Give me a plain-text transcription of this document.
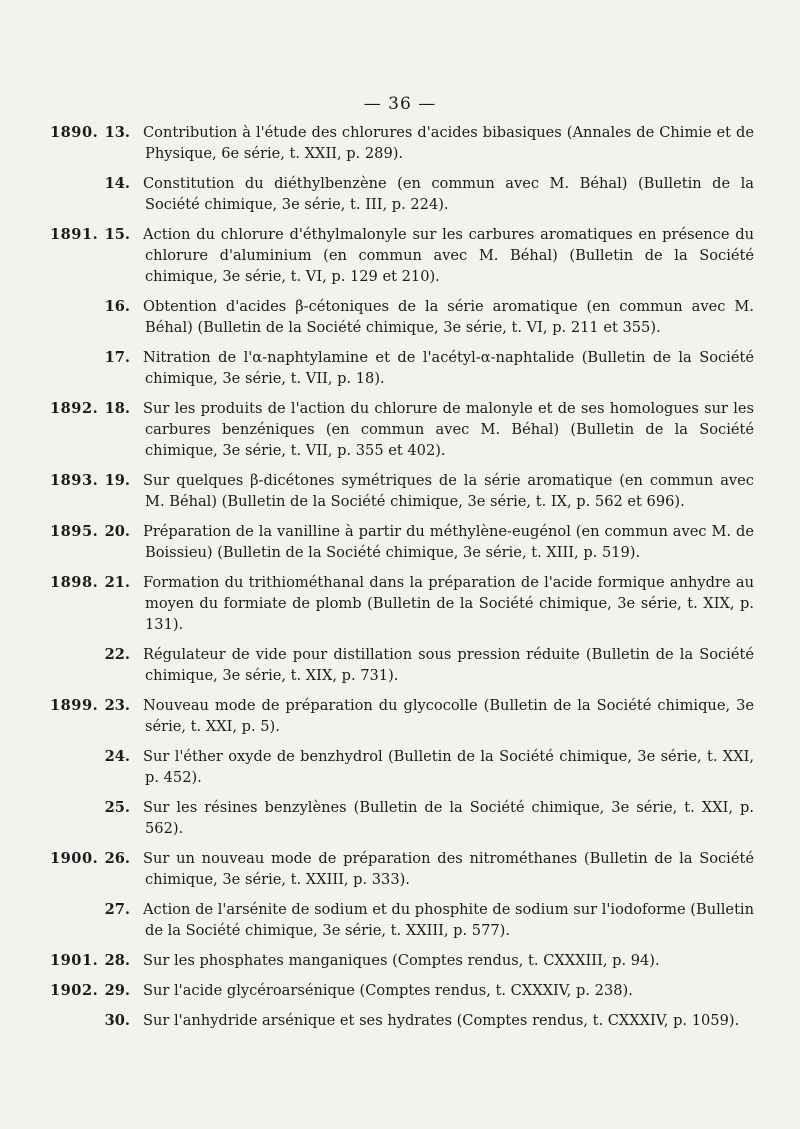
— 36 —
1890. 13. Contribution à l'étude des chlorures d'acides bibasiques (Annales de Chimie et de Physique, 6e série, t. XXII, p. 289).
14. Constitution du diéthylbenzène (en commun avec M. Béhal) (Bulletin de la Société chimique, 3e série, t. III, p. 224).
1891. 15. Action du chlorure d'éthylmalonyle sur les carbures aromatiques en présence du chlorure d'aluminium (en commun avec M. Béhal) (Bulletin de la Société chimique, 3e série, t. VI, p. 129 et 210).
16. Obtention d'acides β-cétoniques de la série aromatique (en commun avec M. Béhal) (Bulletin de la Société chimique, 3e série, t. VI, p. 211 et 355).
17. Nitration de l'α-naphtylamine et de l'acétyl-α-naphtalide (Bulletin de la Société chimique, 3e série, t. VII, p. 18).
1892. 18. Sur les produits de l'action du chlorure de malonyle et de ses homologues sur les carbures benzéniques (en commun avec M. Béhal) (Bulletin de la Société chimique, 3e série, t. VII, p. 355 et 402).
1893. 19. Sur quelques β-dicétones symétriques de la série aromatique (en commun avec M. Béhal) (Bulletin de la Société chimique, 3e série, t. IX, p. 562 et 696).
1895. 20. Préparation de la vanilline à partir du méthylène-eugénol (en commun avec M. de Boissieu) (Bulletin de la Société chimique, 3e série, t. XIII, p. 519).
1898. 21. Formation du trithiométhanal dans la préparation de l'acide formique anhydre au moyen du formiate de plomb (Bulletin de la Société chimique, 3e série, t. XIX, p. 131).
22. Régulateur de vide pour distillation sous pression réduite (Bulletin de la Société chimique, 3e série, t. XIX, p. 731).
1899. 23. Nouveau mode de préparation du glycocolle (Bulletin de la Société chimique, 3e série, t. XXI, p. 5).
24. Sur l'éther oxyde de benzhydrol (Bulletin de la Société chimique, 3e série, t. XXI, p. 452).
25. Sur les résines benzylènes (Bulletin de la Société chimique, 3e série, t. XXI, p. 562).
1900. 26. Sur un nouveau mode de préparation des nitrométhanes (Bulletin de la Société chimique, 3e série, t. XXIII, p. 333).
27. Action de l'arsénite de sodium et du phosphite de sodium sur l'iodoforme (Bulletin de la Société chimique, 3e série, t. XXIII, p. 577).
1901. 28. Sur les phosphates manganiques (Comptes rendus, t. CXXXIII, p. 94).
1902. 29. Sur l'acide glycéroarsénique (Comptes rendus, t. CXXXIV, p. 238).
30. Sur l'anhydride arsénique et ses hydrates (Comptes rendus, t. CXXXIV, p. 1059).
